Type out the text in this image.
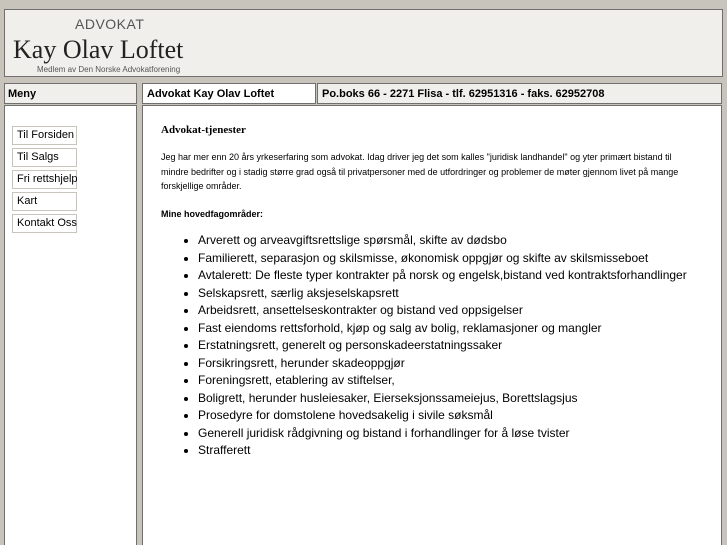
ADVOKAT
Kay Olav Loftet
Medlem av Den Norske Advokatforening
Meny
Til Forsiden
Til Salgs
Fri rettshjelp
Kart
Kontakt Oss
Advokat Kay Olav Loftet	Po.boks 66 - 2271 Flisa - tlf. 62951316 - faks. 62952708
Advokat-tjenester
Jeg har mer enn 20 års yrkeserfaring som advokat. Idag driver jeg det som kalles "juridisk landhandel" og yter primært bistand til mindre bedrifter og i stadig større grad også til privatpersoner med de utfordringer og problemer de møter gjennom livet på mange forskjellige områder.
Mine hovedfagområder:
• Arverett og arveavgiftsrettslige spørsmål, skifte av dødsbo
• Familierett, separasjon og skilsmisse, økonomisk oppgjør og skifte av skilsmisseboet
• Avtalerett: De fleste typer kontrakter på norsk og engelsk,bistand ved kontraktsforhandlinger
• Selskapsrett, særlig aksjeselskapsrett
• Arbeidsrett, ansettelseskontrakter og bistand ved oppsigelser
• Fast eiendoms rettsforhold, kjøp og salg av bolig, reklamasjoner og mangler
• Erstatningsrett, generelt og personskadeerstatningssaker
• Forsikringsrett, herunder skadeoppgjør
• Foreningsrett, etablering av stiftelser,
• Boligrett, herunder husleiesaker, Eierseksjonssameiejus, Borettslagsjus
• Prosedyre for domstolene hovedsakelig i sivile søksmål
• Generell juridisk rådgivning og bistand i forhandlinger for å løse tvister
• Strafferett
